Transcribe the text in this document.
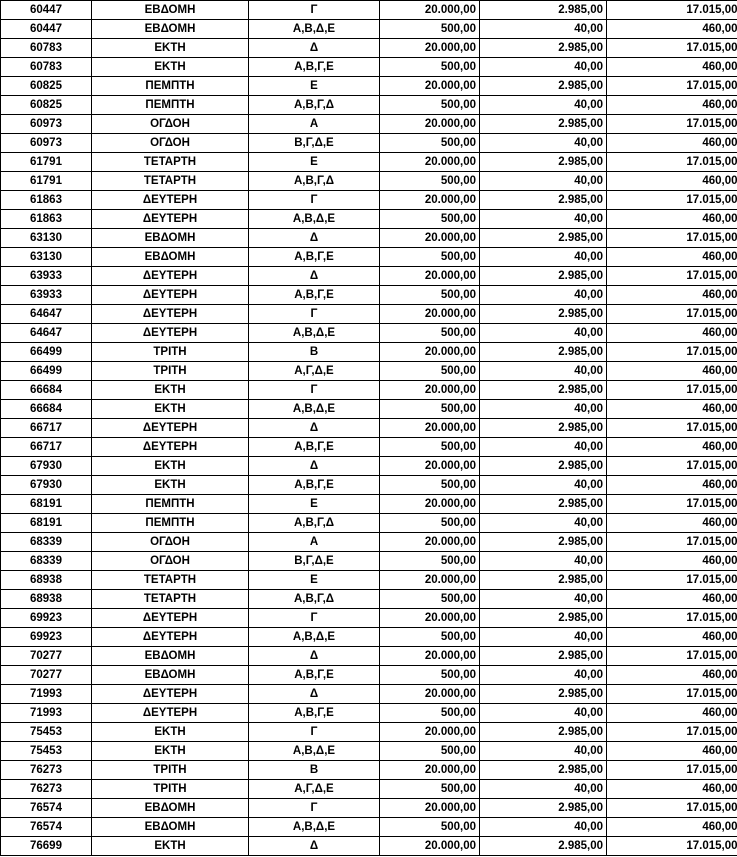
60447	ΕΒΔΟΜΗ	Γ	20.000,00	2.985,00	17.015,00
60447	ΕΒΔΟΜΗ	Α,Β,Δ,Ε	500,00	40,00	460,00
60783	ΕΚΤΗ	Δ	20.000,00	2.985,00	17.015,00
60783	ΕΚΤΗ	Α,Β,Γ,Ε	500,00	40,00	460,00
60825	ΠΕΜΠΤΗ	Ε	20.000,00	2.985,00	17.015,00
60825	ΠΕΜΠΤΗ	Α,Β,Γ,Δ	500,00	40,00	460,00
60973	ΟΓΔΟΗ	Α	20.000,00	2.985,00	17.015,00
60973	ΟΓΔΟΗ	Β,Γ,Δ,Ε	500,00	40,00	460,00
61791	ΤΕΤΑΡΤΗ	Ε	20.000,00	2.985,00	17.015,00
61791	ΤΕΤΑΡΤΗ	Α,Β,Γ,Δ	500,00	40,00	460,00
61863	ΔΕΥΤΕΡΗ	Γ	20.000,00	2.985,00	17.015,00
61863	ΔΕΥΤΕΡΗ	Α,Β,Δ,Ε	500,00	40,00	460,00
63130	ΕΒΔΟΜΗ	Δ	20.000,00	2.985,00	17.015,00
63130	ΕΒΔΟΜΗ	Α,Β,Γ,Ε	500,00	40,00	460,00
63933	ΔΕΥΤΕΡΗ	Δ	20.000,00	2.985,00	17.015,00
63933	ΔΕΥΤΕΡΗ	Α,Β,Γ,Ε	500,00	40,00	460,00
64647	ΔΕΥΤΕΡΗ	Γ	20.000,00	2.985,00	17.015,00
64647	ΔΕΥΤΕΡΗ	Α,Β,Δ,Ε	500,00	40,00	460,00
66499	ΤΡΙΤΗ	Β	20.000,00	2.985,00	17.015,00
66499	ΤΡΙΤΗ	Α,Γ,Δ,Ε	500,00	40,00	460,00
66684	ΕΚΤΗ	Γ	20.000,00	2.985,00	17.015,00
66684	ΕΚΤΗ	Α,Β,Δ,Ε	500,00	40,00	460,00
66717	ΔΕΥΤΕΡΗ	Δ	20.000,00	2.985,00	17.015,00
66717	ΔΕΥΤΕΡΗ	Α,Β,Γ,Ε	500,00	40,00	460,00
67930	ΕΚΤΗ	Δ	20.000,00	2.985,00	17.015,00
67930	ΕΚΤΗ	Α,Β,Γ,Ε	500,00	40,00	460,00
68191	ΠΕΜΠΤΗ	Ε	20.000,00	2.985,00	17.015,00
68191	ΠΕΜΠΤΗ	Α,Β,Γ,Δ	500,00	40,00	460,00
68339	ΟΓΔΟΗ	Α	20.000,00	2.985,00	17.015,00
68339	ΟΓΔΟΗ	Β,Γ,Δ,Ε	500,00	40,00	460,00
68938	ΤΕΤΑΡΤΗ	Ε	20.000,00	2.985,00	17.015,00
68938	ΤΕΤΑΡΤΗ	Α,Β,Γ,Δ	500,00	40,00	460,00
69923	ΔΕΥΤΕΡΗ	Γ	20.000,00	2.985,00	17.015,00
69923	ΔΕΥΤΕΡΗ	Α,Β,Δ,Ε	500,00	40,00	460,00
70277	ΕΒΔΟΜΗ	Δ	20.000,00	2.985,00	17.015,00
70277	ΕΒΔΟΜΗ	Α,Β,Γ,Ε	500,00	40,00	460,00
71993	ΔΕΥΤΕΡΗ	Δ	20.000,00	2.985,00	17.015,00
71993	ΔΕΥΤΕΡΗ	Α,Β,Γ,Ε	500,00	40,00	460,00
75453	ΕΚΤΗ	Γ	20.000,00	2.985,00	17.015,00
75453	ΕΚΤΗ	Α,Β,Δ,Ε	500,00	40,00	460,00
76273	ΤΡΙΤΗ	Β	20.000,00	2.985,00	17.015,00
76273	ΤΡΙΤΗ	Α,Γ,Δ,Ε	500,00	40,00	460,00
76574	ΕΒΔΟΜΗ	Γ	20.000,00	2.985,00	17.015,00
76574	ΕΒΔΟΜΗ	Α,Β,Δ,Ε	500,00	40,00	460,00
76699	ΕΚΤΗ	Δ	20.000,00	2.985,00	17.015,00
